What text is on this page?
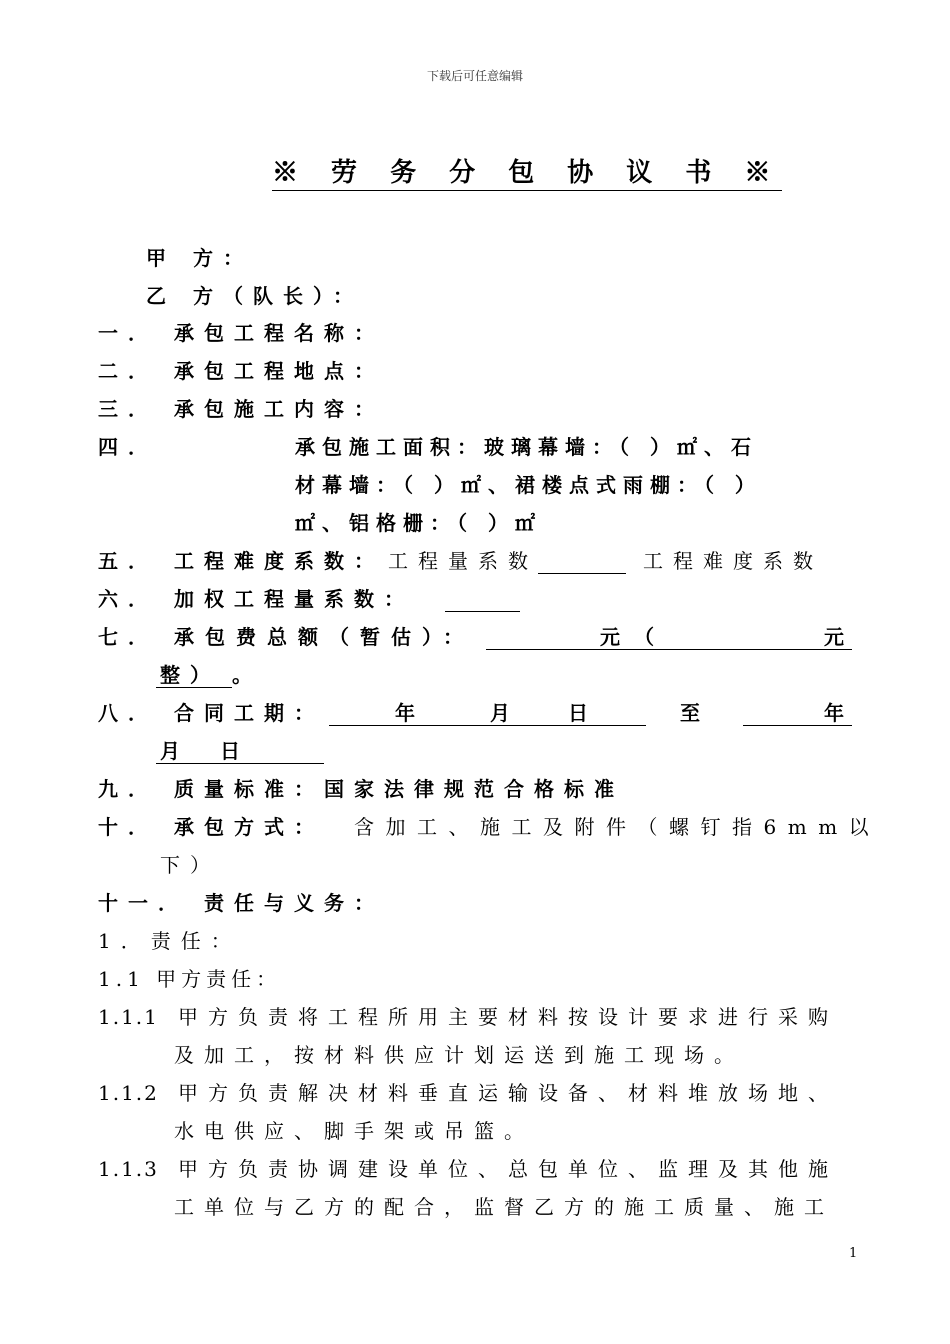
下载后可任意编辑
※ 劳 务 分 包 协 议 书 ※
甲 方：
乙 方（队长）：
一． 承包工程名称：
二． 承包工程地点：
三． 承包施工内容：
四．	承包施工面积：玻璃幕墙：（ ）㎡、石
材幕墙：（ ）㎡、裙楼点式雨棚：（ ）
㎡、铝格栅：（ ）㎡
五． 工程难度系数： 工程量系数	工程难度系数
六． 加权工程量系数：
七． 承包费总额（暂估）：	元（	元
整） 。
八． 合同工期：	年	月	日	至	年
月 日
九． 质量标准：国家法律规范合格标准
十． 承包方式： 含加工、施工及附件（螺钉指6mm以
下）
十一． 责任与义务：
1．责任：
1.1 甲方责任：
1.1.1 甲方负责将工程所用主要材料按设计要求进行采购
及加工，按材料供应计划运送到施工现场。
1.1.2 甲方负责解决材料垂直运输设备、材料堆放场地、
水电供应、脚手架或吊篮。
1.1.3 甲方负责协调建设单位、总包单位、监理及其他施
工单位与乙方的配合，监督乙方的施工质量、施工
1
